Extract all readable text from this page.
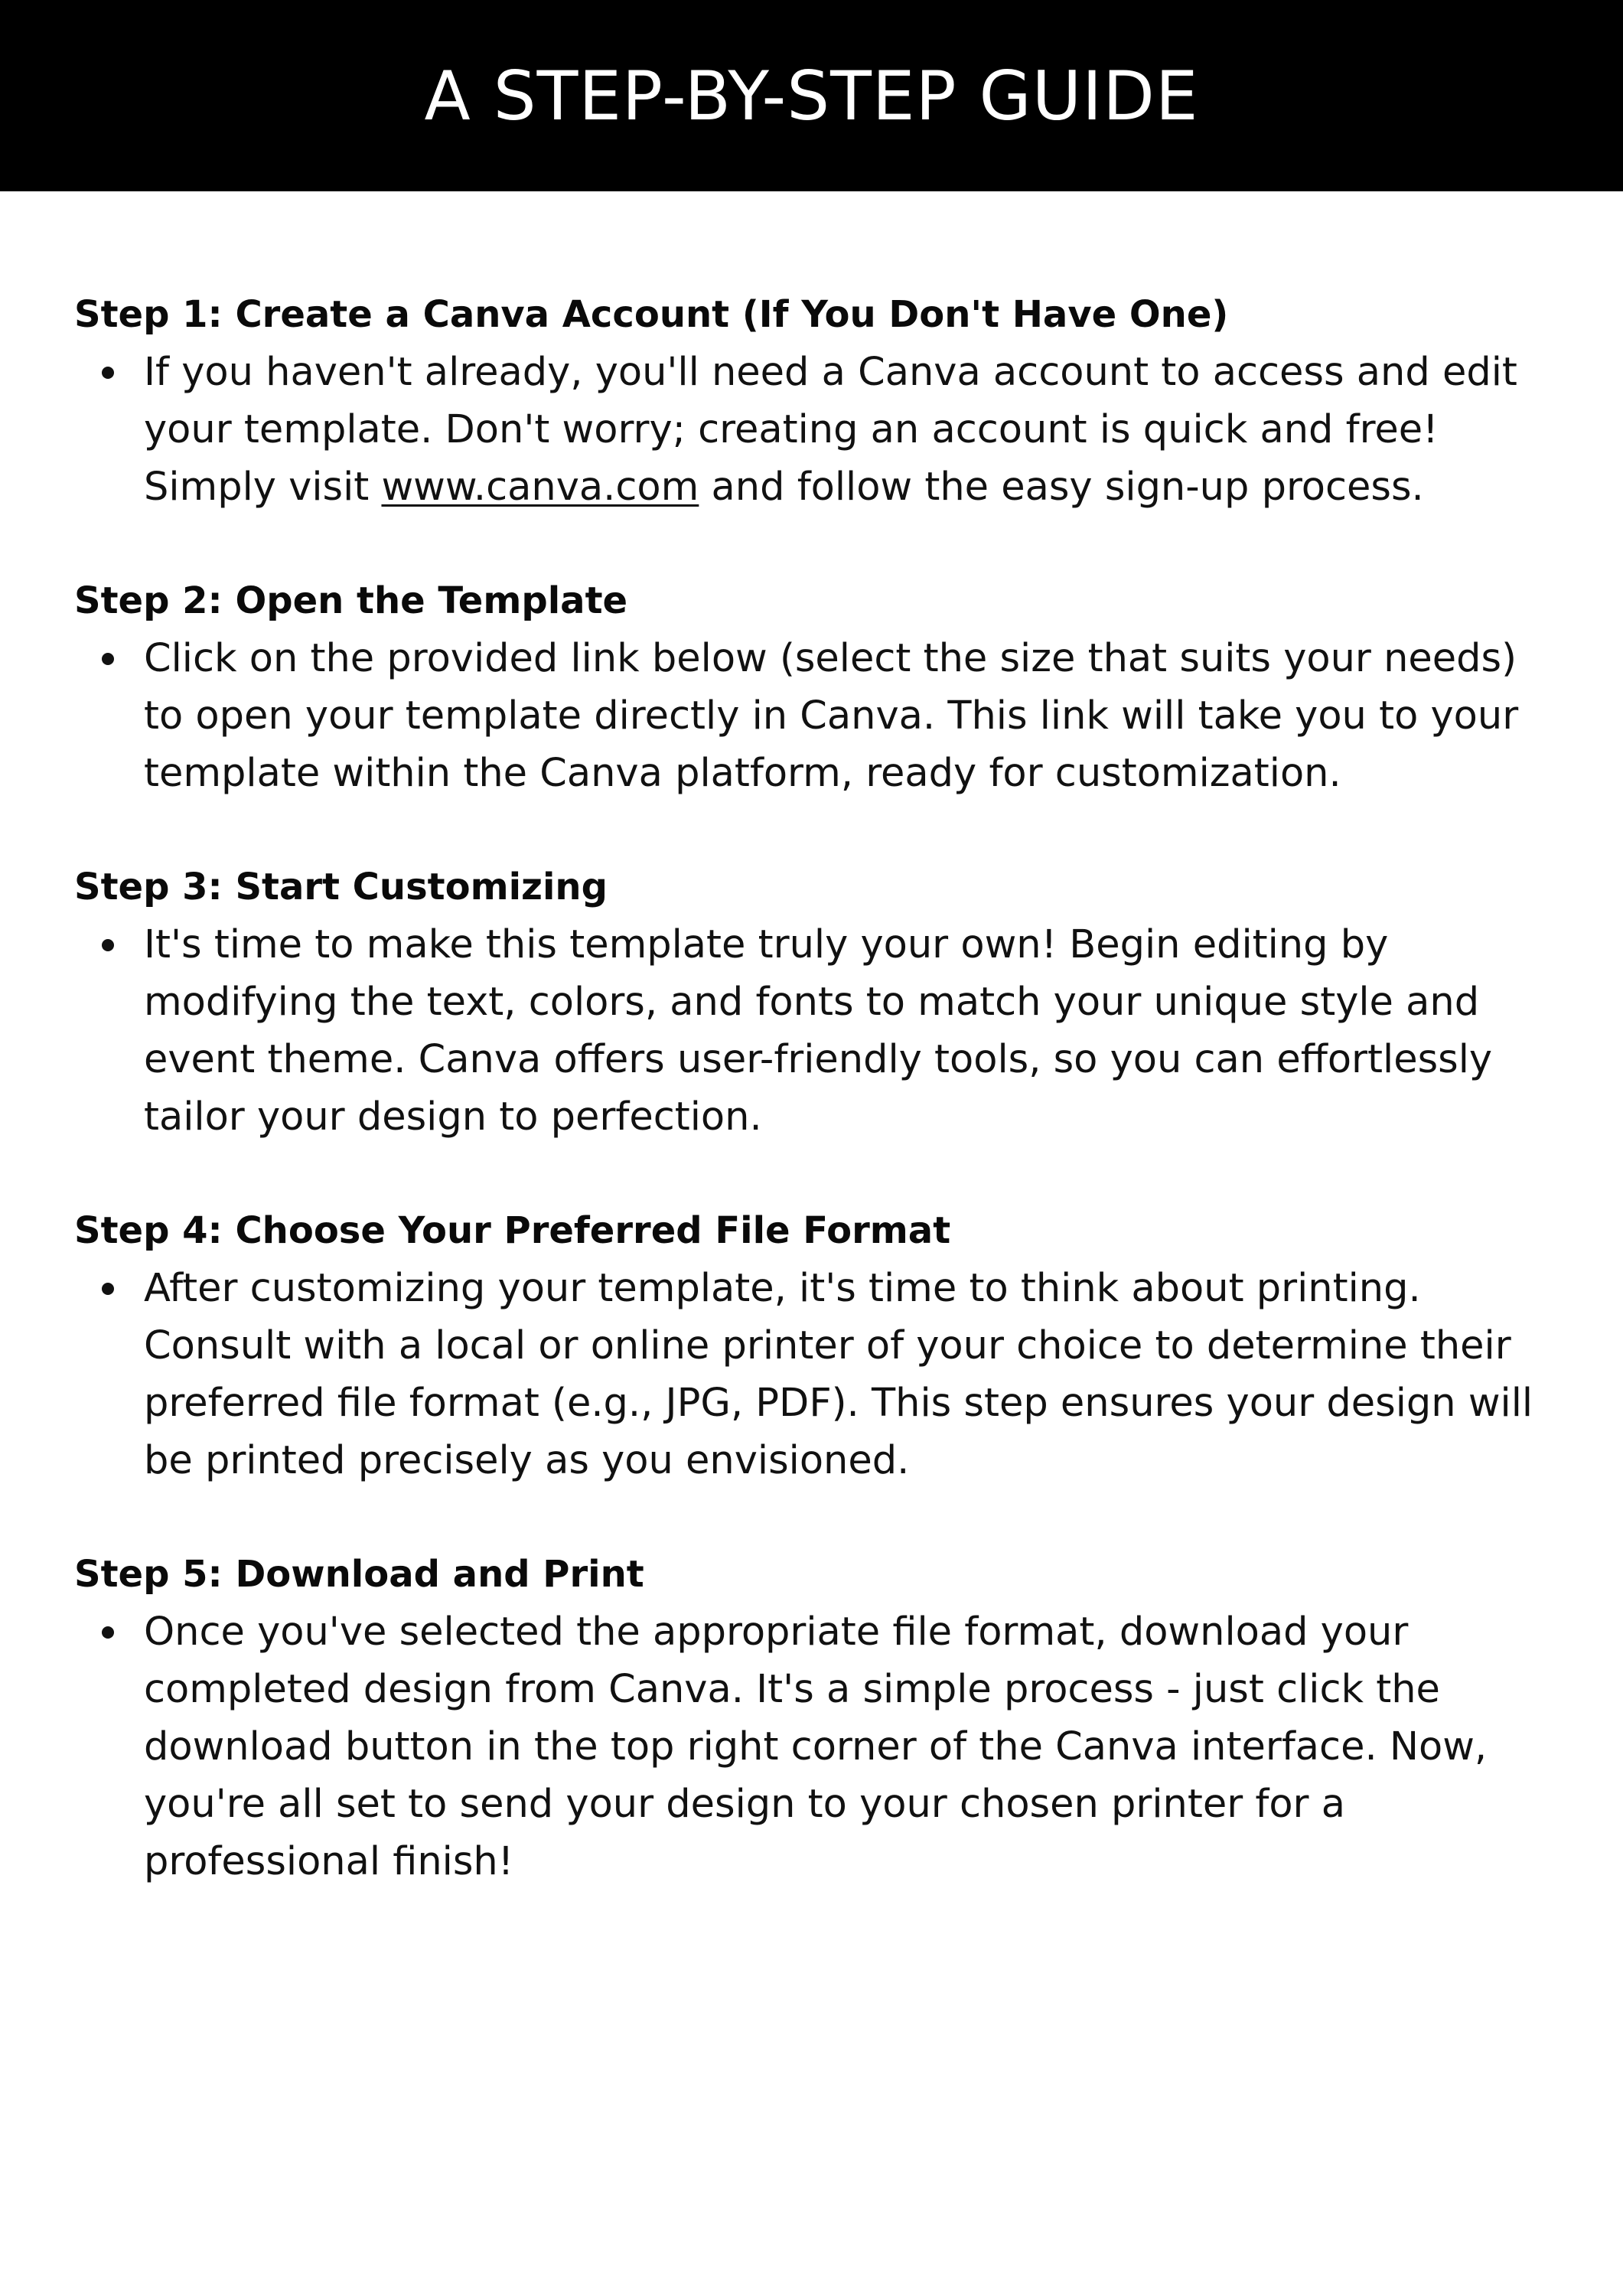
A STEP-BY-STEP GUIDE
Step 1: Create a Canva Account (If You Don't Have One)
If you haven't already, you'll need a Canva account to access and edit your template. Don't worry; creating an account is quick and free! Simply visit www.canva.com and follow the easy sign-up process.
Step 2: Open the Template
Click on the provided link below (select the size that suits your needs) to open your template directly in Canva. This link will take you to your template within the Canva platform, ready for customization.
Step 3: Start Customizing
It's time to make this template truly your own! Begin editing by modifying the text, colors, and fonts to match your unique style and event theme. Canva offers user-friendly tools, so you can effortlessly tailor your design to perfection.
Step 4: Choose Your Preferred File Format
After customizing your template, it's time to think about printing. Consult with a local or online printer of your choice to determine their preferred file format (e.g., JPG, PDF). This step ensures your design will be printed precisely as you envisioned.
Step 5: Download and Print
Once you've selected the appropriate file format, download your completed design from Canva. It's a simple process - just click the download button in the top right corner of the Canva interface. Now, you're all set to send your design to your chosen printer for a professional finish!
